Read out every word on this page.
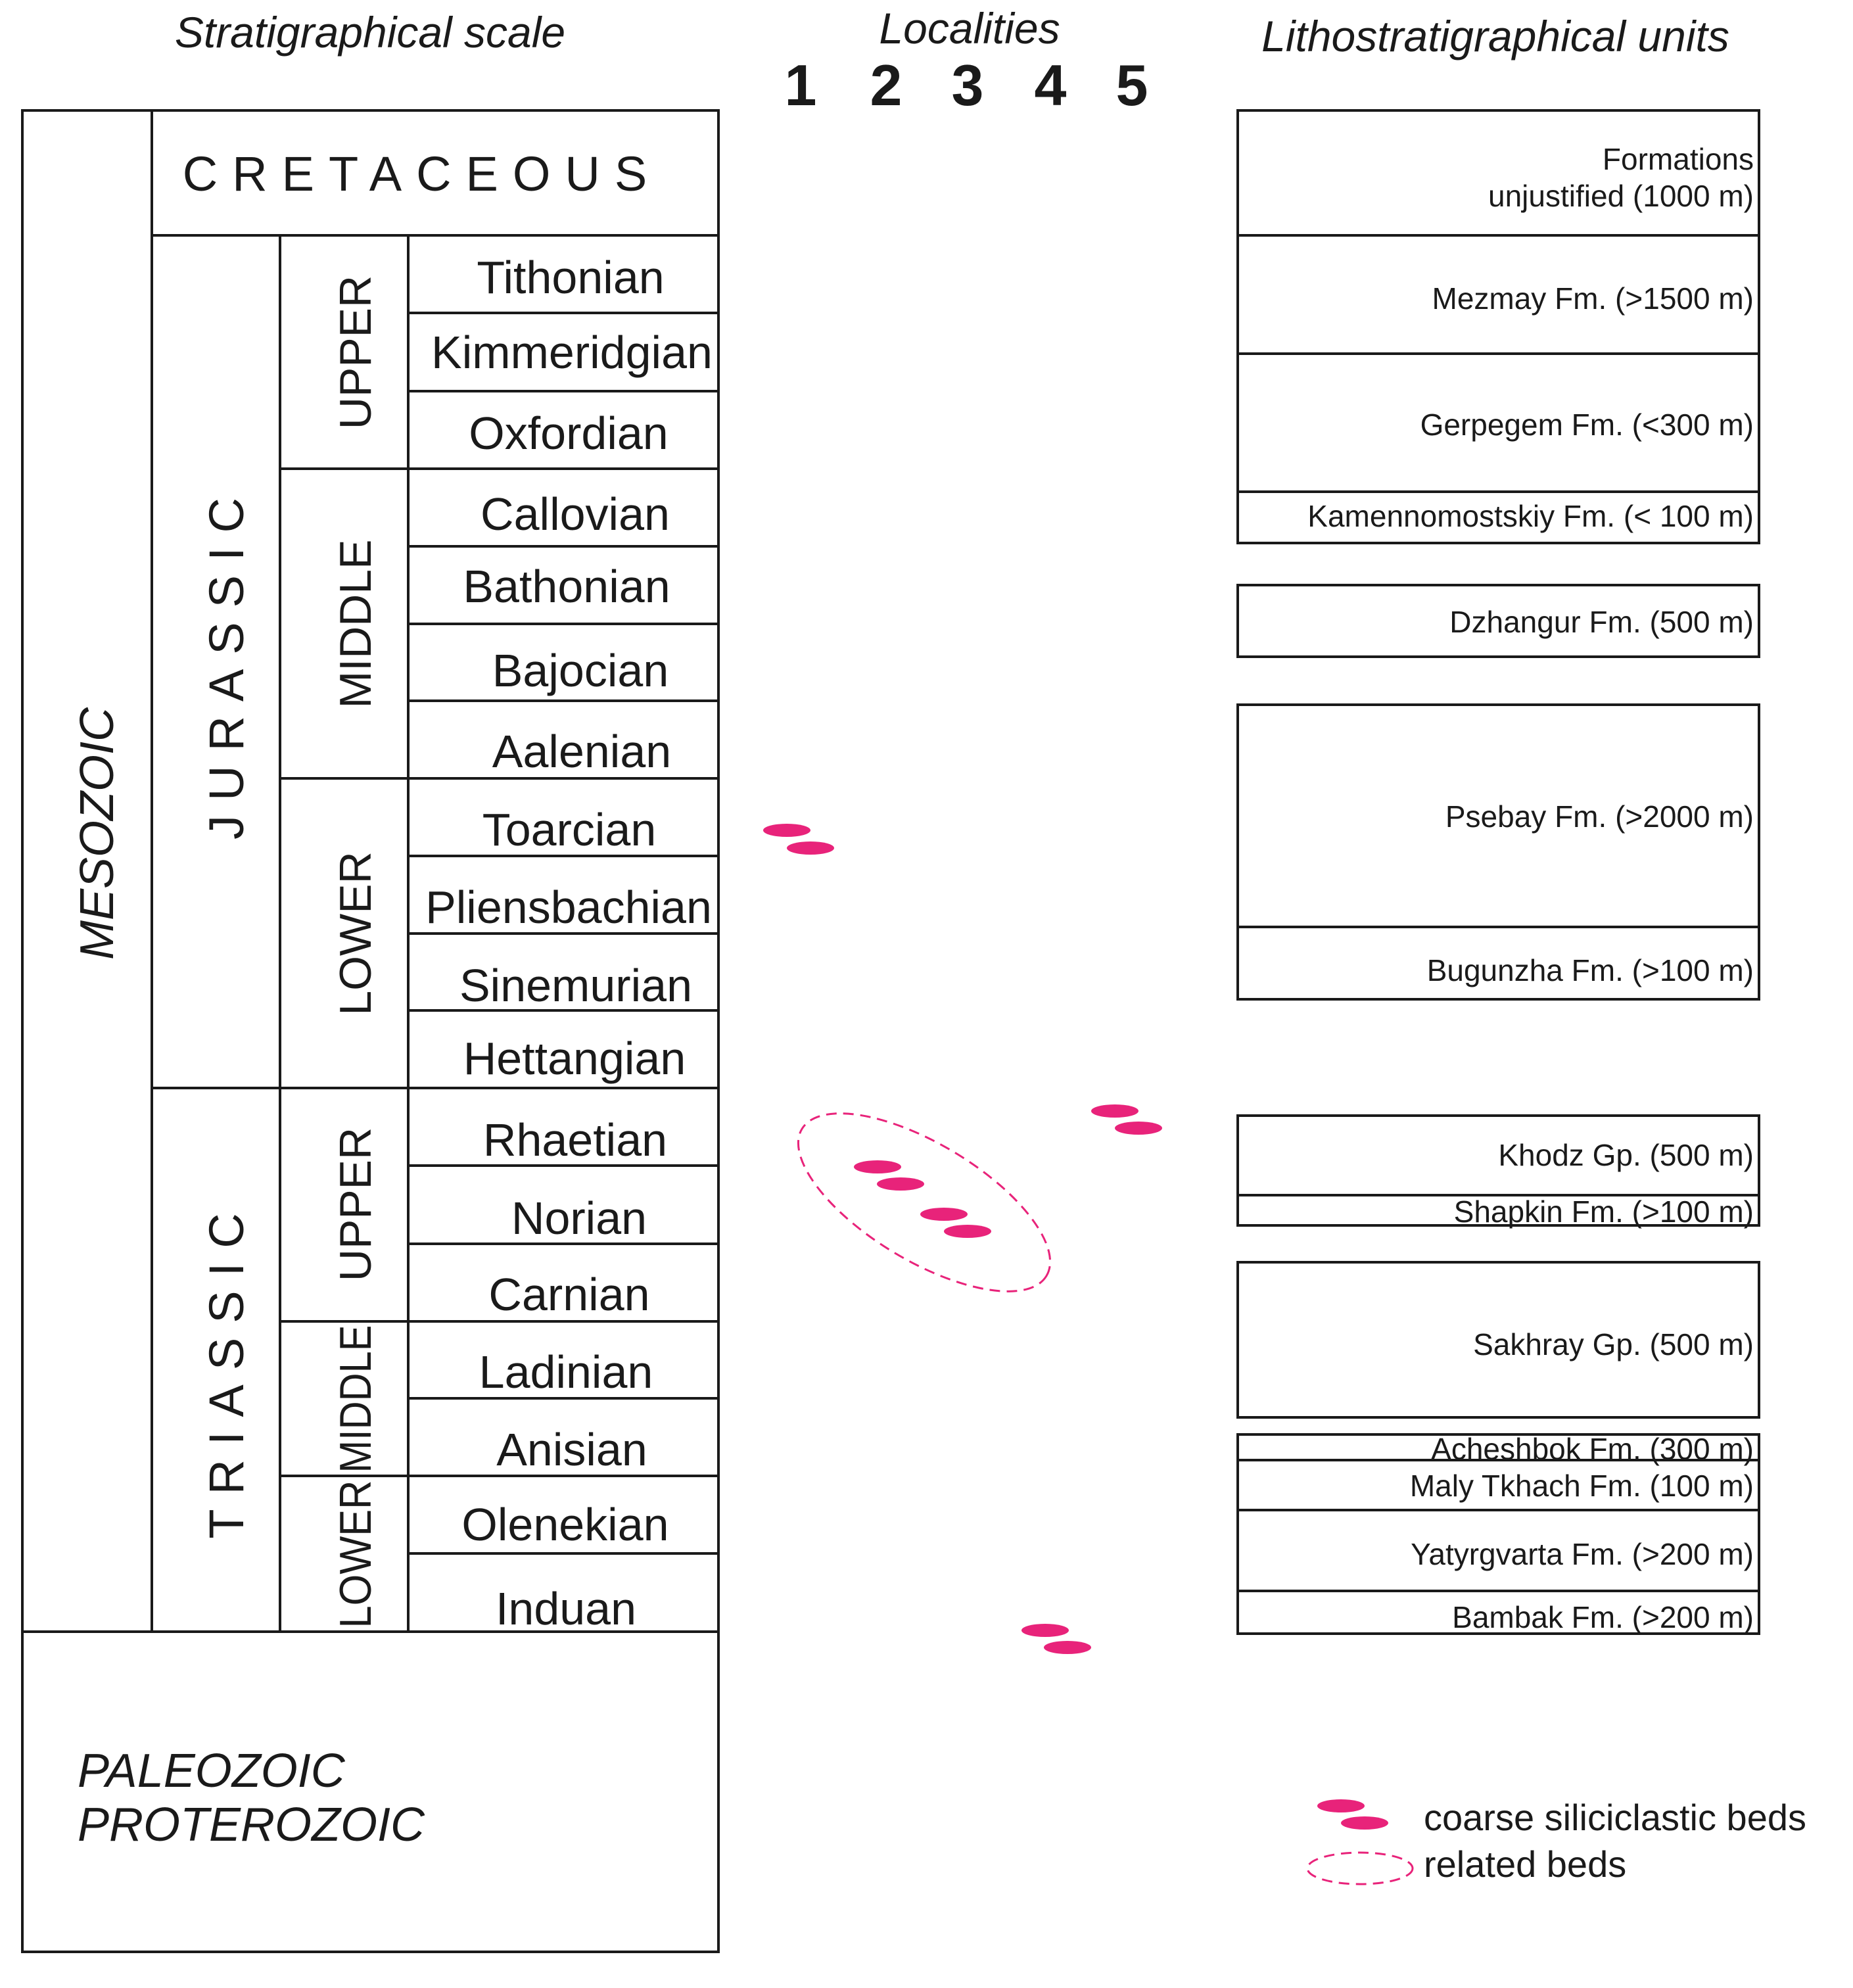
Stratigraphical scale	Localities	Lithostratigraphical units
1 2 3 4 5
MESOZOIC
PALEOZOIC
PROTEROZOIC
CRETACEOUS
JURASSIC
TRIASSIC
UPPER
MIDDLE
LOWER
UPPER
MIDDLE
LOWER
Tithonian
Kimmeridgian
Oxfordian
Callovian
Bathonian
Bajocian
Aalenian
Toarcian
Pliensbachian
Sinemurian
Hettangian
Rhaetian
Norian
Carnian
Ladinian
Anisian
Olenekian
Induan
Formations
unjustified (1000 m)
Mezmay Fm. (>1500 m)
Gerpegem Fm. (<300 m)
Kamennomostskiy Fm. (< 100 m)
Dzhangur Fm. (500 m)
Psebay Fm. (>2000 m)
Bugunzha Fm. (>100 m)
Khodz Gp. (500 m)
Shapkin Fm. (>100 m)
Sakhray Gp. (500 m)
Acheshbok Fm. (300 m)
Maly Tkhach Fm. (100 m)
Yatyrgvarta Fm. (>200 m)
Bambak Fm. (>200 m)
coarse siliciclastic beds
related beds
